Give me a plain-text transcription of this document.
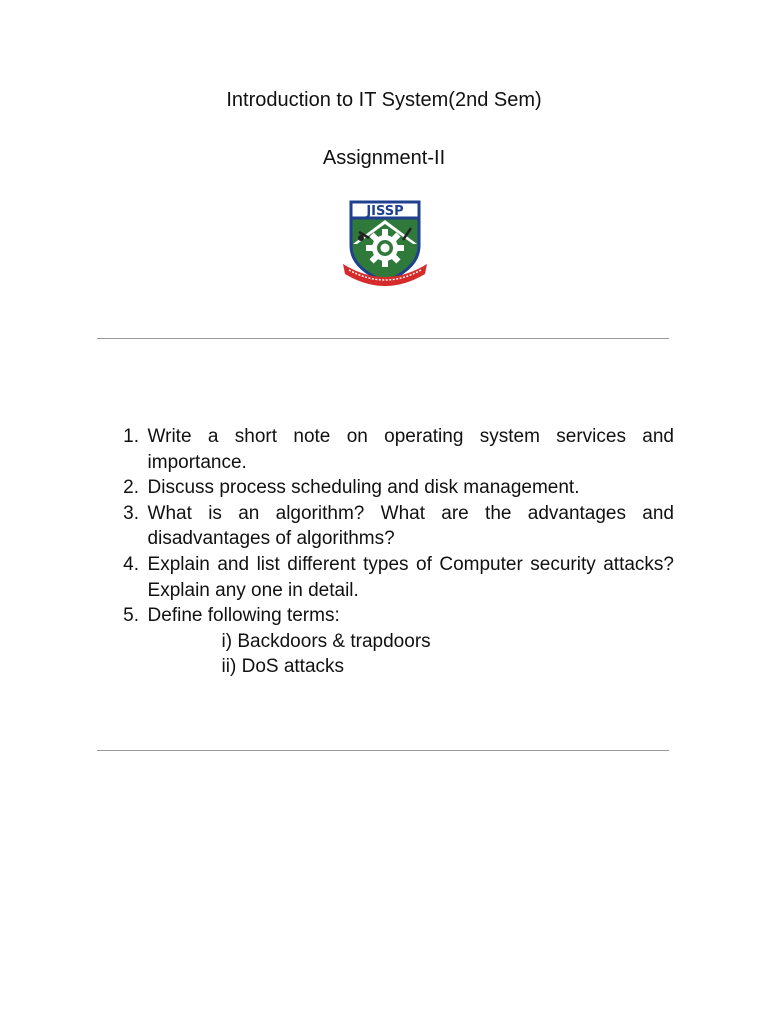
Introduction to IT System(2nd Sem)
Assignment-II
JISSP
1. Write a short note on operating system services and importance.
2. Discuss process scheduling and disk management.
3. What is an algorithm? What are the advantages and disadvantages of algorithms?
4. Explain and list different types of Computer security attacks?Explain any one in detail.
5. Define following terms:
i) Backdoors & trapdoors
ii) DoS attacks
